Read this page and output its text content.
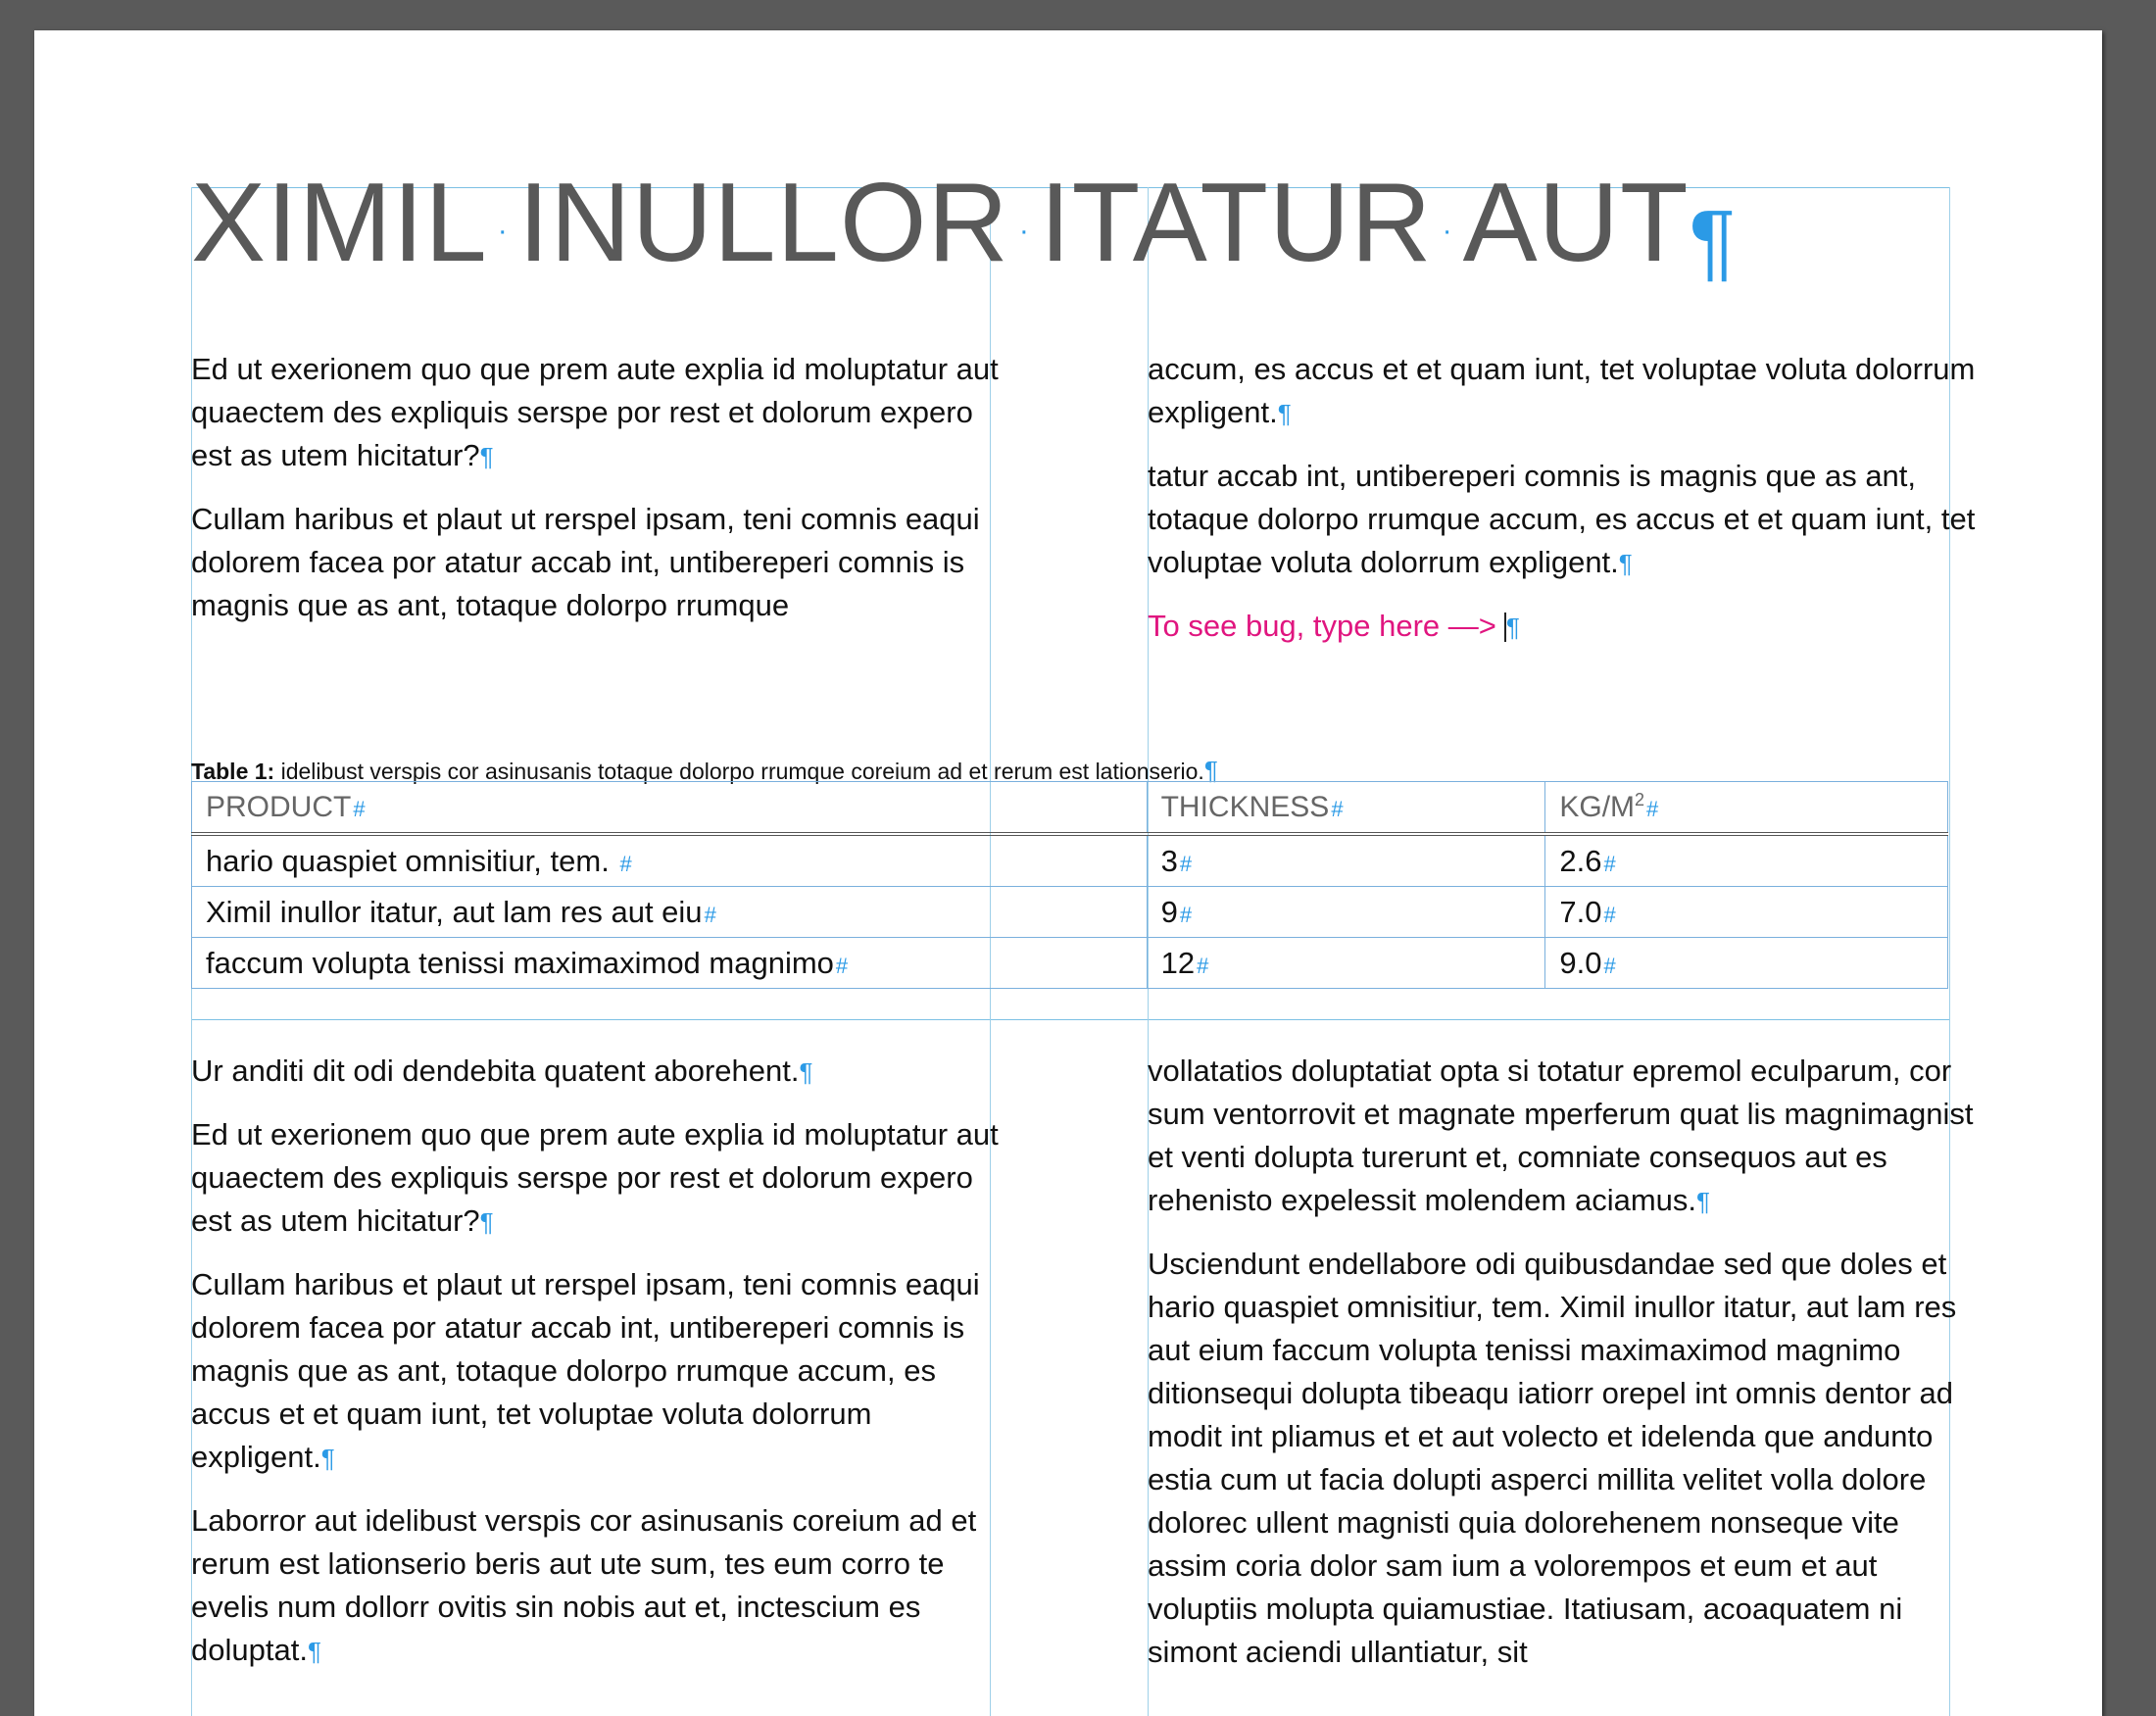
XIMIL ·INULLOR ·ITATUR ·AUT¶

Ed ut exerionem quo que prem aute explia id moluptatur aut quaectem des expliquis serspe por rest et dolorum expero est as utem hicitatur?¶

Cullam haribus et plaut ut rerspel ipsam, teni comnis eaqui dolorem facea por atatur accab int, untibereperi comnis is magnis que as ant, totaque dolorpo rrumque

accum, es accus et et quam iunt, tet voluptae voluta dolorrum expligent.¶

tatur accab int, untibereperi comnis is magnis que as ant, totaque dolorpo rrumque accum, es accus et et quam iunt, tet voluptae voluta dolorrum expligent.¶

To see bug, type here —> ¶

Table 1: idelibust verspis cor asinusanis totaque dolorpo rrumque coreium ad et rerum est lationserio.¶
PRODUCT#	THICKNESS#	$KG/M^2\#$
hario quaspiet omnisitiur, tem. #	3#	2.6#
Ximil inullor itatur, aut lam res aut eiu#	9#	7.0#
faccum volupta tenissi maximaximod magnimo#	12#	9.0#

Ur anditi dit odi dendebita quatent aborehent.¶

Ed ut exerionem quo que prem aute explia id moluptatur aut quaectem des expliquis serspe por rest et dolorum expero est as utem hicitatur?¶

Cullam haribus et plaut ut rerspel ipsam, teni comnis eaqui dolorem facea por atatur accab int, untibereperi comnis is magnis que as ant, totaque dolorpo rrumque accum, es accus et et quam iunt, tet voluptae voluta dolorrum expligent.¶

Laborror aut idelibust verspis cor asinusanis coreium ad et rerum est lationserio beris aut ute sum, tes eum corro te evelis num dollorr ovitis sin nobis aut et, inctescium es doluptat.¶

vollatatios doluptatiat opta si totatur epremol eculparum, cor sum ventorrovit et magnate mperferum quat lis magnimagnist et venti dolupta turerunt et, comniate consequos aut es rehenisto expelessit molendem aciamus.¶

Usciendunt endellabore odi quibusdandae sed que doles et hario quaspiet omnisitiur, tem. Ximil inullor itatur, aut lam res aut eium faccum volupta tenissi maximaximod magnimo ditionsequi dolupta tibeaqu iatiorr orepel int omnis dentor ad modit int pliamus et et aut volecto et idelenda que andunto estia cum ut facia dolupti asperci millita velitet volla dolore dolorec ullent magnisti quia dolorehenem nonseque vite assim coria dolor sam ium a volorempos et eum et aut voluptiis molupta quiamustiae. Itatiusam, acoaquatem ni simont aciendi ullantiatur, sit
